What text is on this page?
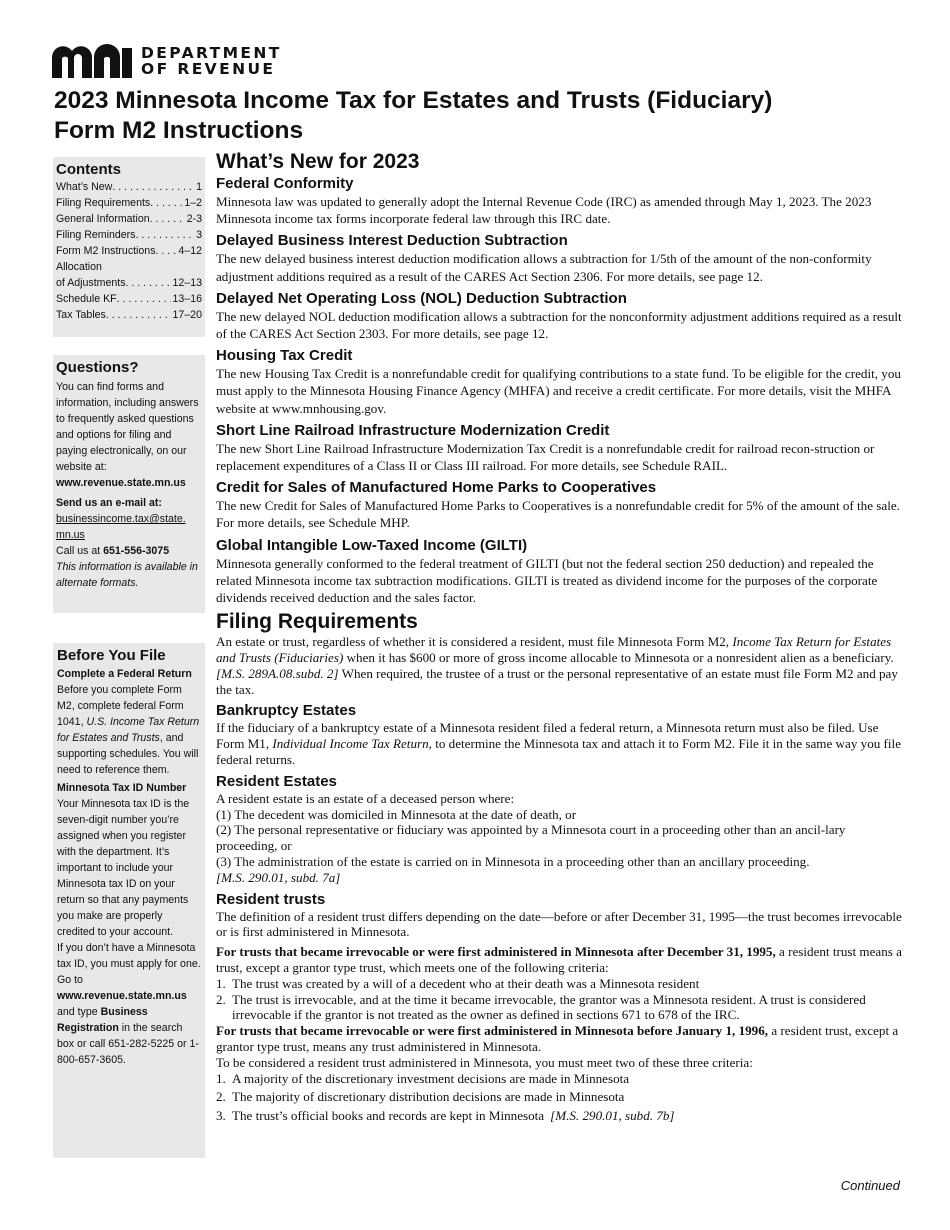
DEPARTMENT
OF REVENUE
2023 Minnesota Income Tax for Estates and Trusts (Fiduciary)
Form M2 Instructions
Contents
What’s New . . .	1
Filing Requirements . . .	1–2
General Information . . .	2-3
Filing Reminders . . .	3
Form M2 Instructions . . . 4–12
Allocation
of Adjustments . . .	12–13
Schedule KF . . .	13–16
Tax Tables . . .	17–20
Questions?
You can find forms and information, including answers to frequently asked questions and options for filing and paying electronically, on our website at:
www.revenue.state.mn.us
Send us an e-mail at:
businessincome.tax@state.
mn.us
Call us at 651-556-3075
This information is available in alternate formats.
Before You File
Complete a Federal Return
Before you complete Form M2, complete federal Form 1041, U.S. Income Tax Return for Estates and Trusts, and supporting schedules. You will need to reference them.
Minnesota Tax ID Number
Your Minnesota tax ID is the seven-digit number you’re assigned when you register with the department. It’s important to include your Minnesota tax ID on your return so that any payments you make are properly credited to your account.
If you don’t have a Minnesota tax ID, you must apply for one. Go to www.revenue.state.mn.us and type Business Registration in the search box or call 651-282-5225 or 1-800-657-3605.
What’s New for 2023
Federal Conformity

Minnesota law was updated to generally adopt the Internal Revenue Code (IRC) as amended through May 1, 2023. The 2023 Minnesota income tax forms incorporate federal law through this IRC date.

Delayed Business Interest Deduction Subtraction

The new delayed business interest deduction modification allows a subtraction for 1/5th of the amount of the non-conformity adjustment additions required as a result of the CARES Act Section 2306. For more details, see page 12.

Delayed Net Operating Loss (NOL) Deduction Subtraction

The new delayed NOL deduction modification allows a subtraction for the nonconformity adjustment additions required as a result of the CARES Act Section 2303. For more details, see page 12.

Housing Tax Credit

The new Housing Tax Credit is a nonrefundable credit for qualifying contributions to a state fund. To be eligible for the credit, you must apply to the Minnesota Housing Finance Agency (MHFA) and receive a credit certificate. For more details, visit the MHFA website at www.mnhousing.gov.

Short Line Railroad Infrastructure Modernization Credit

The new Short Line Railroad Infrastructure Modernization Tax Credit is a nonrefundable credit for railroad recon-struction or replacement expenditures of a Class II or Class III railroad. For more details, see Schedule RAIL.

Credit for Sales of Manufactured Home Parks to Cooperatives

The new Credit for Sales of Manufactured Home Parks to Cooperatives is a nonrefundable credit for 5% of the amount of the sale. For more details, see Schedule MHP.

Global Intangible Low-Taxed Income (GILTI)

Minnesota generally conformed to the federal treatment of GILTI (but not the federal section 250 deduction) and repealed the related Minnesota income tax subtraction modifications. GILTI is treated as dividend income for the purposes of the corporate dividends received deduction and the sales factor.

Filing Requirements

An estate or trust, regardless of whether it is considered a resident, must file Minnesota Form M2, Income Tax Return for Estates and Trusts (Fiduciaries) when it has $600 or more of gross income allocable to Minnesota or a nonresident alien as a beneficiary. [M.S. 289A.08.subd. 2] When required, the trustee of a trust or the personal representative of an estate must file Form M2 and pay the tax.

Bankruptcy Estates

If the fiduciary of a bankruptcy estate of a Minnesota resident filed a federal return, a Minnesota return must also be filed. Use Form M1, Individual Income Tax Return, to determine the Minnesota tax and attach it to Form M2. File it in the same way you file federal returns.

Resident Estates

A resident estate is an estate of a deceased person where:

(1) The decedent was domiciled in Minnesota at the date of death, or

(2) The personal representative or fiduciary was appointed by a Minnesota court in a proceeding other than an ancil-lary proceeding, or

(3) The administration of the estate is carried on in Minnesota in a proceeding other than an ancillary proceeding.

[M.S. 290.01, subd. 7a]

Resident trusts

The definition of a resident trust differs depending on the date—before or after December 31, 1995—the trust becomes irrevocable or is first administered in Minnesota.

For trusts that became irrevocable or were first administered in Minnesota after December 31, 1995, a resident trust means a trust, except a grantor type trust, which meets one of the following criteria:

1. The trust was created by a will of a decedent who at their death was a Minnesota resident
2. The trust is irrevocable, and at the time it became irrevocable, the grantor was a Minnesota resident. A trust is considered irrevocable if the grantor is not treated as the owner as defined in sections 671 to 678 of the IRC.

For trusts that became irrevocable or were first administered in Minnesota before January 1, 1996, a resident trust, except a grantor type trust, means any trust administered in Minnesota.

To be considered a resident trust administered in Minnesota, you must meet two of these three criteria:

1. A majority of the discretionary investment decisions are made in Minnesota
2. The majority of discretionary distribution decisions are made in Minnesota
3. The trust’s official books and records are kept in Minnesota [M.S. 290.01, subd. 7b]
Continued
